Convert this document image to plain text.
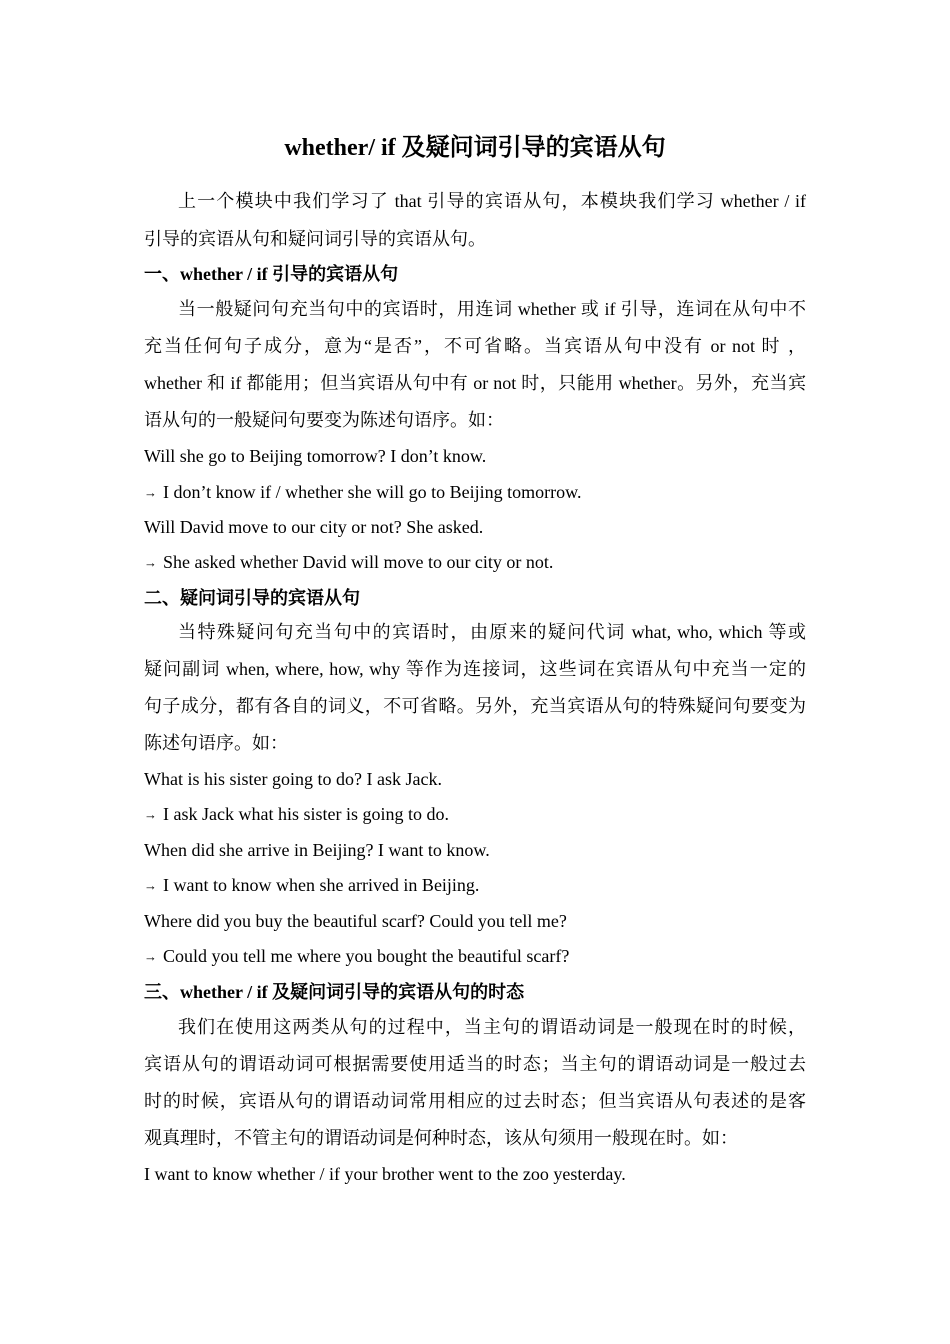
whether/ if 及疑问词引导的宾语从句
上一个模块中我们学习了 that 引导的宾语从句，本模块我们学习 whether / if
引导的宾语从句和疑问词引导的宾语从句。
一、whether / if 引导的宾语从句
当一般疑问句充当句中的宾语时，用连词 whether 或 if 引导，连词在从句中不
充当任何句子成分，意为“是否”，不可省略。当宾语从句中没有 or not 时 ，
whether 和 if 都能用；但当宾语从句中有 or not 时，只能用 whether。另外，充当宾
语从句的一般疑问句要变为陈述句语序。如：
Will she go to Beijing tomorrow? I don’t know.
→ I don’t know if / whether she will go to Beijing tomorrow.
Will David move to our city or not? She asked.
→ She asked whether David will move to our city or not.
二、疑问词引导的宾语从句
当特殊疑问句充当句中的宾语时，由原来的疑问代词 what, who, which 等或
疑问副词 when, where, how, why 等作为连接词，这些词在宾语从句中充当一定的
句子成分，都有各自的词义，不可省略。另外，充当宾语从句的特殊疑问句要变为
陈述句语序。如：
What is his sister going to do? I ask Jack.
→ I ask Jack what his sister is going to do.
When did she arrive in Beijing? I want to know.
→ I want to know when she arrived in Beijing.
Where did you buy the beautiful scarf? Could you tell me?
→ Could you tell me where you bought the beautiful scarf?
三、whether / if 及疑问词引导的宾语从句的时态
我们在使用这两类从句的过程中，当主句的谓语动词是一般现在时的时候，
宾语从句的谓语动词可根据需要使用适当的时态；当主句的谓语动词是一般过去
时的时候，宾语从句的谓语动词常用相应的过去时态；但当宾语从句表述的是客
观真理时，不管主句的谓语动词是何种时态，该从句须用一般现在时。如：
I want to know whether / if your brother went to the zoo yesterday.
